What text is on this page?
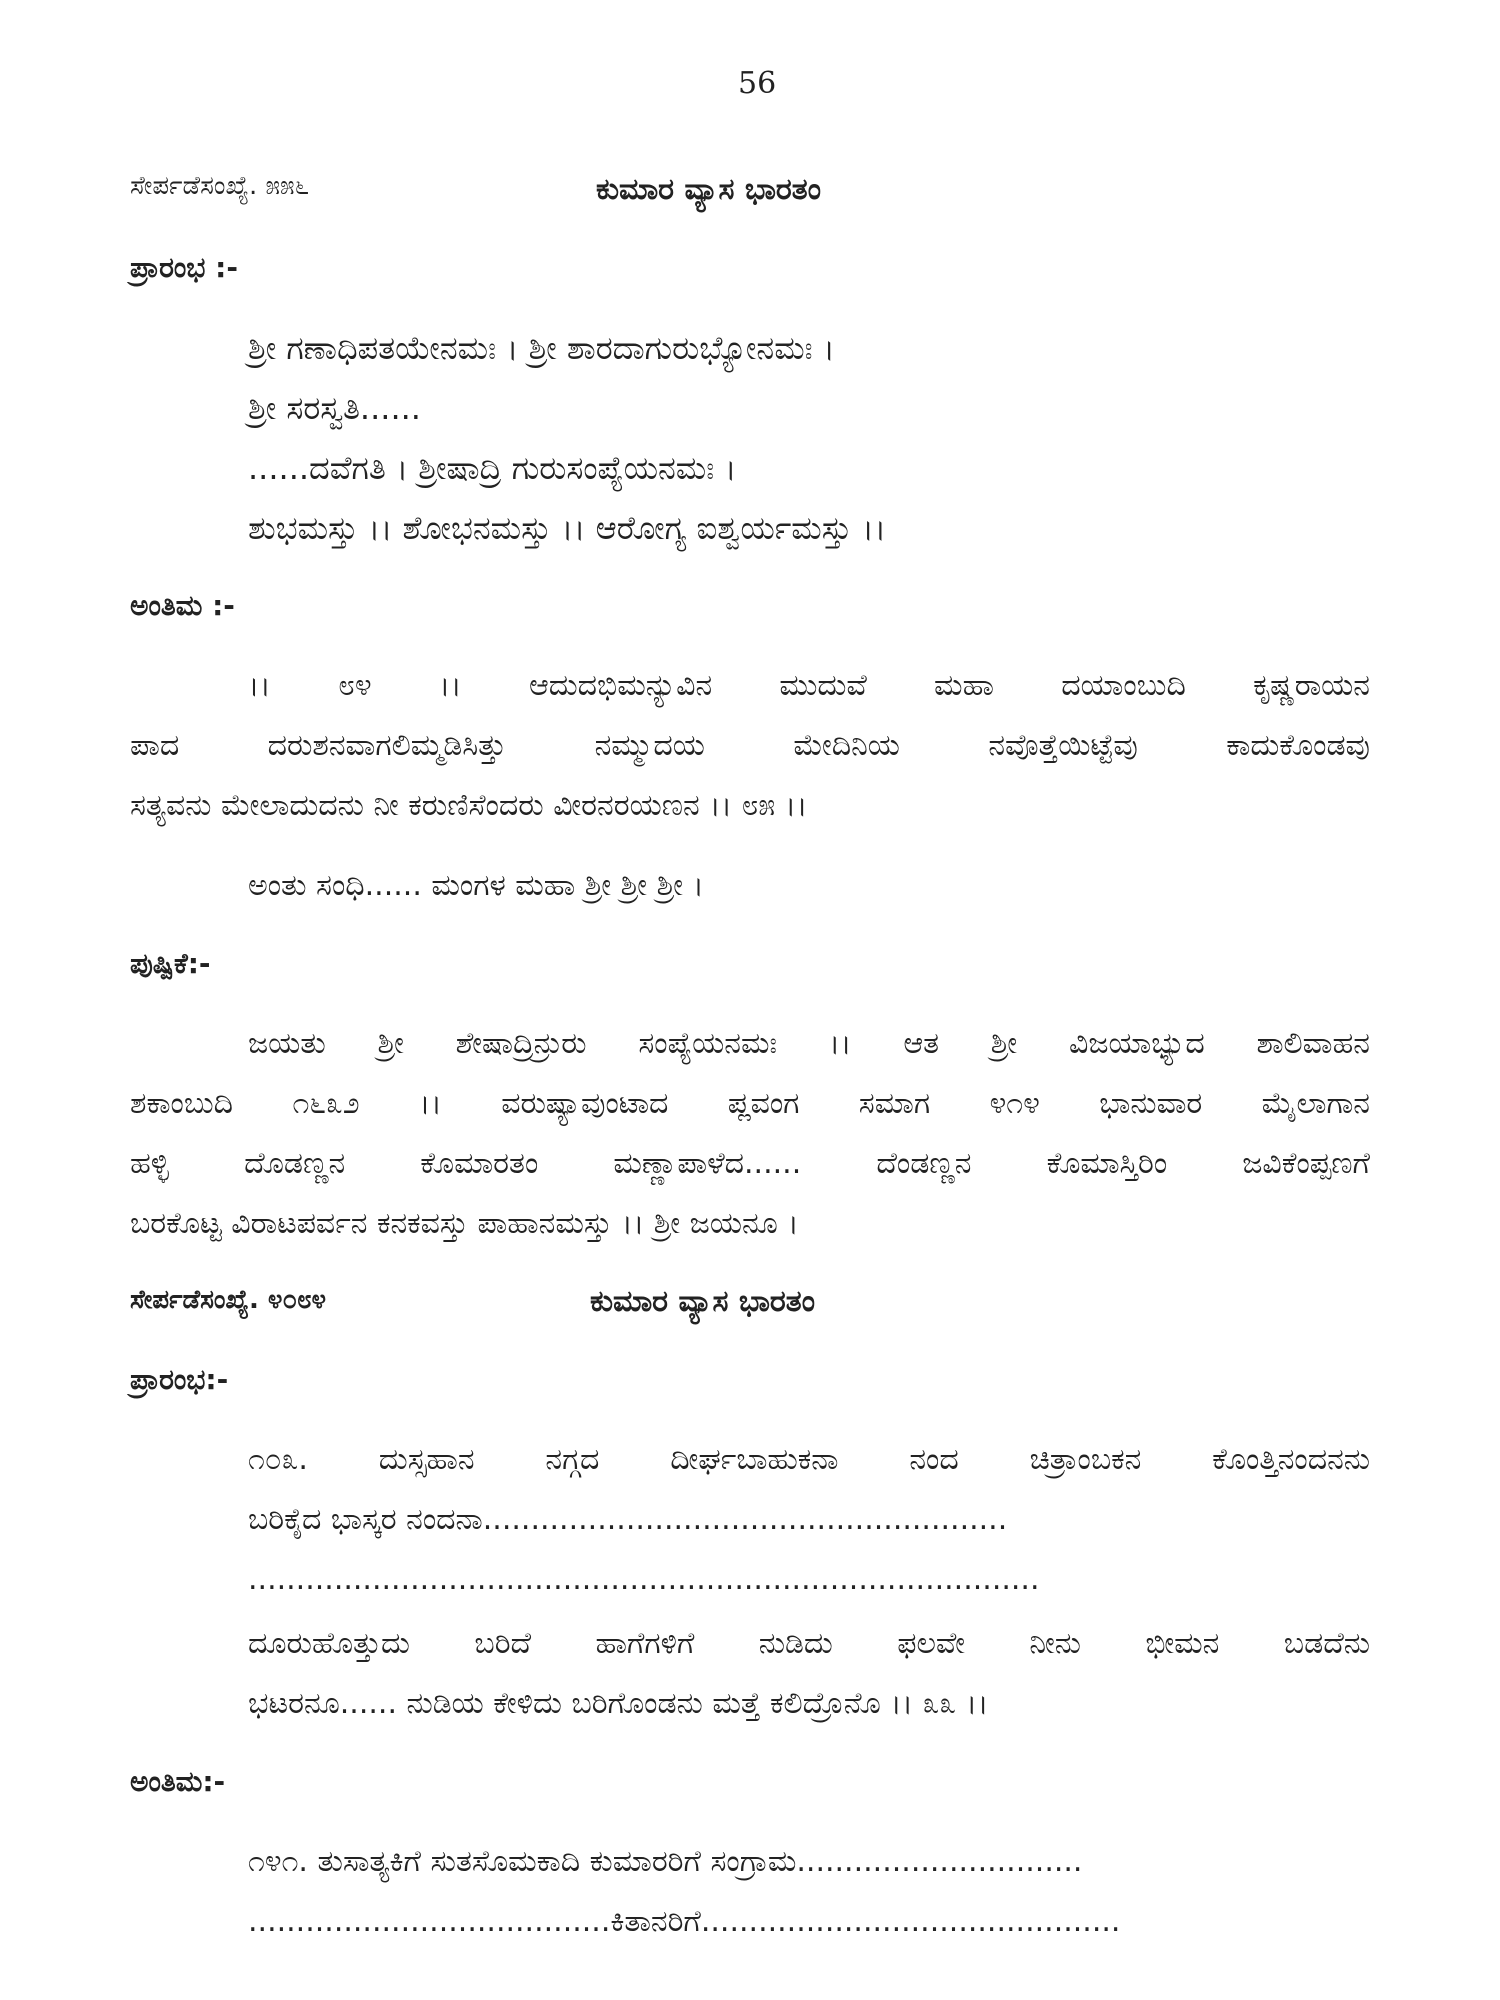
56
ಸೇರ್ಪಡೆಸಂಖ್ಯೆ. ೫೫೬	ಕುಮಾರ ವ್ಯಾಸ ಭಾರತಂ
ಪ್ರಾರಂಭ :-
ಶ್ರೀ ಗಣಾಧಿಪತಯೇನಮಃ । ಶ್ರೀ ಶಾರದಾಗುರುಭ್ಯೋನಮಃ ।
ಶ್ರೀ ಸರಸ್ವತಿ......
......ದವೆಗತಿ । ಶ್ರೀಷಾದ್ರಿ ಗುರುಸಂಪ್ಯೆಯನಮಃ ।
ಶುಭಮಸ್ತು ।। ಶೋಭನಮಸ್ತು ।। ಆರೋಗ್ಯ ಐಶ್ವರ್ಯಮಸ್ತು ।।
ಅಂತಿಮ :-
।। ೮೪ ।। ಆದುದಭಿಮನ್ಯುವಿನ ಮುದುವೆ ಮಹಾ ದಯಾಂಬುದಿ ಕೃಷ್ಣರಾಯನ
ಪಾದ ದರುಶನವಾಗಲಿಮ್ಮಡಿಸಿತ್ತು ನಮ್ಮುದಯ ಮೇದಿನಿಯ ನವೊತ್ತೆಯಿಟ್ಟೆವು ಕಾದುಕೊಂಡವು
ಸತ್ಯವನು ಮೇಲಾದುದನು ನೀ ಕರುಣಿಸೆಂದರು ವೀರನರಯಣನ ।। ೮೫ ।।
ಅಂತು ಸಂಧಿ...... ಮಂಗಳ ಮಹಾ ಶ್ರೀ ಶ್ರೀ ಶ್ರೀ ।
ಪುಷ್ಪಿಕೆ:-
ಜಯತು ಶ್ರೀ ಶೇಷಾದ್ರಿನ್ರುರು ಸಂಪ್ಯೆಯನಮಃ ।। ಆತ ಶ್ರೀ ವಿಜಯಾಭ್ಯುದ ಶಾಲಿವಾಹನ
ಶಕಾಂಬುದಿ ೧೬೩೨ ।। ವರುಷ್ಯಾವುಂಟಾದ ಪ್ಲವಂಗ ಸಮಾಗ ೪೧೪ ಭಾನುವಾರ ಮೈಲಾಗಾನ
ಹಳ್ಳಿ ದೊಡಣ್ಣನ ಕೊಮಾರತಂ ಮಣ್ಣಾಪಾಳೆದ...... ದೆಂಡಣ್ಣನ ಕೊಮಾಸ್ತಿರಿಂ ಜವಿಕೆಂಪ್ಪಣಗೆ
ಬರಕೊಟ್ಟ ವಿರಾಟಪರ್ವನ ಕನಕವಸ್ತು ಪಾಹಾನಮಸ್ತು ।। ಶ್ರೀ ಜಯನೂ ।
ಸೇರ್ಪಡೆಸಂಖ್ಯೆ. ೪೦೮೪	ಕುಮಾರ ವ್ಯಾಸ ಭಾರತಂ
ಪ್ರಾರಂಭ:-
೧೦೩. ದುಸ್ಸಹಾನ ನಗ್ಗದ ದೀರ್ಘಬಾಹುಕನಾ ನಂದ ಚಿತ್ರಾಂಬಕನ ಕೊಂತ್ತಿನಂದನನು
ಬರಿಕೈದ ಭಾಸ್ಕರ ನಂದನಾ.......................................................
...................................................................................
ದೂರುಹೊತ್ತುದು ಬರಿದೆ ಹಾಗೆಗಳಿಗೆ ನುಡಿದು ಫಲವೇ ನೀನು ಭೀಮನ ಬಡದೆನು
ಭಟರನೂ...... ನುಡಿಯ ಕೇಳಿದು ಬರಿಗೊಂಡನು ಮತ್ತೆ ಕಲಿದ್ರೊನೊ ।। ೩೩ ।।
ಅಂತಿಮ:-
೧೪೧. ತುಸಾತ್ಯಕಿಗೆ ಸುತಸೊಮಕಾದಿ ಕುಮಾರರಿಗೆ ಸಂಗ್ರಾಮ..............................
......................................ಕಿತಾನರಿಗೆ............................................
